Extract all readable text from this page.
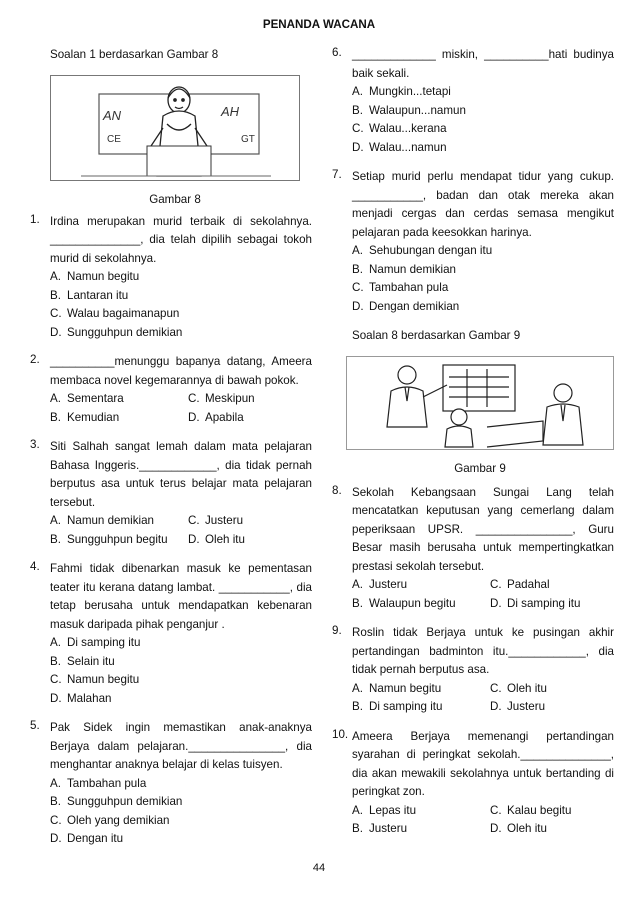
PENANDA WACANA
Soalan 1 berdasarkan Gambar 8
AN	AH
CE	GT
Gambar 8
1. Irdina merupakan murid terbaik di sekolahnya. ______________, dia telah dipilih sebagai tokoh murid di sekolahnya.
A. Namun begitu
B. Lantaran itu
C. Walau bagaimanapun
D. Sungguhpun demikian
2. __________menunggu bapanya datang, Ameera membaca novel kegemarannya di bawah pokok.
A. Sementara	C. Meskipun
B. Kemudian	D. Apabila
3. Siti Salhah sangat lemah dalam mata pelajaran Bahasa Inggeris.____________, dia tidak pernah berputus asa untuk terus belajar mata pelajaran tersebut.
A. Namun demikian	C. Justeru
B. Sungguhpun begitu D. Oleh itu
4. Fahmi tidak dibenarkan masuk ke pementasan teater itu kerana datang lambat. ___________, dia tetap berusaha untuk mendapatkan kebenaran masuk daripada pihak penganjur .
A. Di samping itu
B. Selain itu
C. Namun begitu
D. Malahan
5. Pak Sidek ingin memastikan anak-anaknya Berjaya dalam pelajaran._______________, dia menghantar anaknya belajar di kelas tuisyen.
A. Tambahan pula
B. Sungguhpun demikian
C. Oleh yang demikian
D. Dengan itu
6. _____________ miskin, __________hati budinya baik sekali.
A. Mungkin...tetapi
B. Walaupun...namun
C. Walau...kerana
D. Walau...namun
7. Setiap murid perlu mendapat tidur yang cukup. ___________, badan dan otak mereka akan menjadi cergas dan cerdas semasa mengikut pelajaran pada keesokkan harinya.
A. Sehubungan dengan itu
B. Namun demikian
C. Tambahan pula
D. Dengan demikian
Soalan 8 berdasarkan Gambar 9
Gambar 9
8. Sekolah Kebangsaan Sungai Lang telah mencatatkan keputusan yang cemerlang dalam peperiksaan UPSR. _______________, Guru Besar masih berusaha untuk mempertingkatkan prestasi sekolah tersebut.
A. Justeru	C. Padahal
B. Walaupun begitu	D. Di samping itu
9. Roslin tidak Berjaya untuk ke pusingan akhir pertandingan badminton itu.____________, dia tidak pernah berputus asa.
A. Namun begitu	C. Oleh itu
B. Di samping itu	D. Justeru
10. Ameera Berjaya memenangi pertandingan syarahan di peringkat sekolah.______________, dia akan mewakili sekolahnya untuk bertanding di peringkat zon.
A. Lepas itu	C. Kalau begitu
B. Justeru	D. Oleh itu
44
